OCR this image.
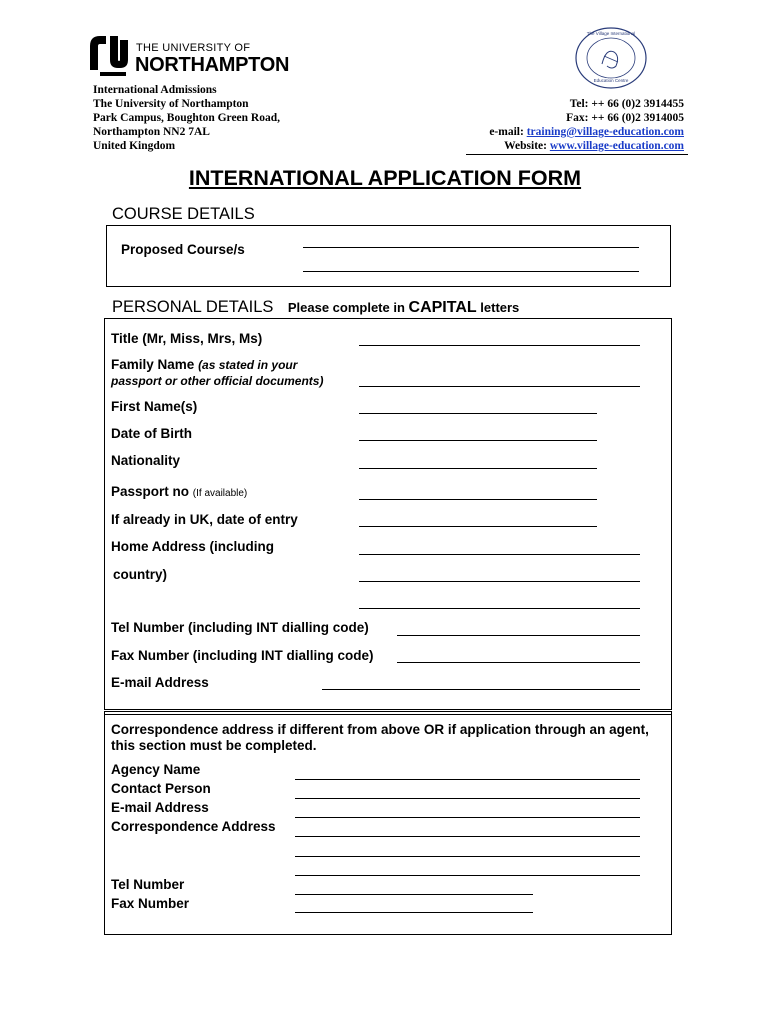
THE UNIVERSITY OF
NORTHAMPTON
The Village International
Education Centre
International Admissions
The University of Northampton
Park Campus, Boughton Green Road,
Northampton NN2 7AL
United Kingdom
Tel: ++ 66 (0)2 3914455
Fax: ++ 66 (0)2 3914005
e-mail: training@village-education.com
Website: www.village-education.com
INTERNATIONAL APPLICATION FORM
COURSE DETAILS
Proposed Course/s
PERSONAL DETAILS Please complete in CAPITAL letters
Title (Mr, Miss, Mrs, Ms)
Family Name (as stated in your
passport or other official documents)
First Name(s)
Date of Birth
Nationality
Passport no (If available)
If already in UK, date of entry
Home Address (including
country)
Tel Number (including INT dialling code)
Fax Number (including INT dialling code)
E-mail Address
Correspondence address if different from above OR if application through an agent, this section must be completed.
Agency Name
Contact Person
E-mail Address
Correspondence Address
Tel Number
Fax Number
